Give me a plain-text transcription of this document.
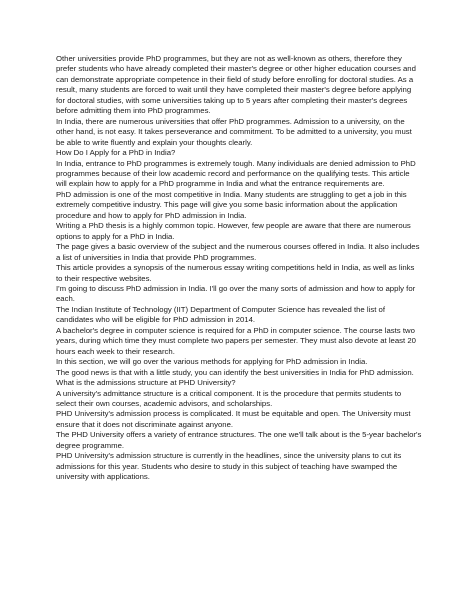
Other universities provide PhD programmes, but they are not as well-known as others, therefore they prefer students who have already completed their master's degree or other higher education courses and can demonstrate appropriate competence in their field of study before enrolling for doctoral studies. As a result, many students are forced to wait until they have completed their master's degree before applying for doctoral studies, with some universities taking up to 5 years after completing their master's degrees before admitting them into PhD programmes.

In India, there are numerous universities that offer PhD programmes. Admission to a university, on the other hand, is not easy. It takes perseverance and commitment. To be admitted to a university, you must be able to write fluently and explain your thoughts clearly.

How Do I Apply for a PhD in India?

In India, entrance to PhD programmes is extremely tough. Many individuals are denied admission to PhD programmes because of their low academic record and performance on the qualifying tests. This article will explain how to apply for a PhD programme in India and what the entrance requirements are.

PhD admission is one of the most competitive in India. Many students are struggling to get a job in this extremely competitive industry. This page will give you some basic information about the application procedure and how to apply for PhD admission in India.

Writing a PhD thesis is a highly common topic. However, few people are aware that there are numerous options to apply for a PhD in India.

The page gives a basic overview of the subject and the numerous courses offered in India. It also includes a list of universities in India that provide PhD programmes.

This article provides a synopsis of the numerous essay writing competitions held in India, as well as links to their respective websites.

I'm going to discuss PhD admission in India. I'll go over the many sorts of admission and how to apply for each.

The Indian Institute of Technology (IIT) Department of Computer Science has revealed the list of candidates who will be eligible for PhD admission in 2014.

A bachelor's degree in computer science is required for a PhD in computer science. The course lasts two years, during which time they must complete two papers per semester. They must also devote at least 20 hours each week to their research.

In this section, we will go over the various methods for applying for PhD admission in India.

The good news is that with a little study, you can identify the best universities in India for PhD admission.

What is the admissions structure at PHD University?

A university's admittance structure is a critical component. It is the procedure that permits students to select their own courses, academic advisors, and scholarships.

PHD University's admission process is complicated. It must be equitable and open. The University must ensure that it does not discriminate against anyone.

The PHD University offers a variety of entrance structures. The one we'll talk about is the 5-year bachelor's degree programme.

PHD University's admission structure is currently in the headlines, since the university plans to cut its admissions for this year. Students who desire to study in this subject of teaching have swamped the university with applications.
